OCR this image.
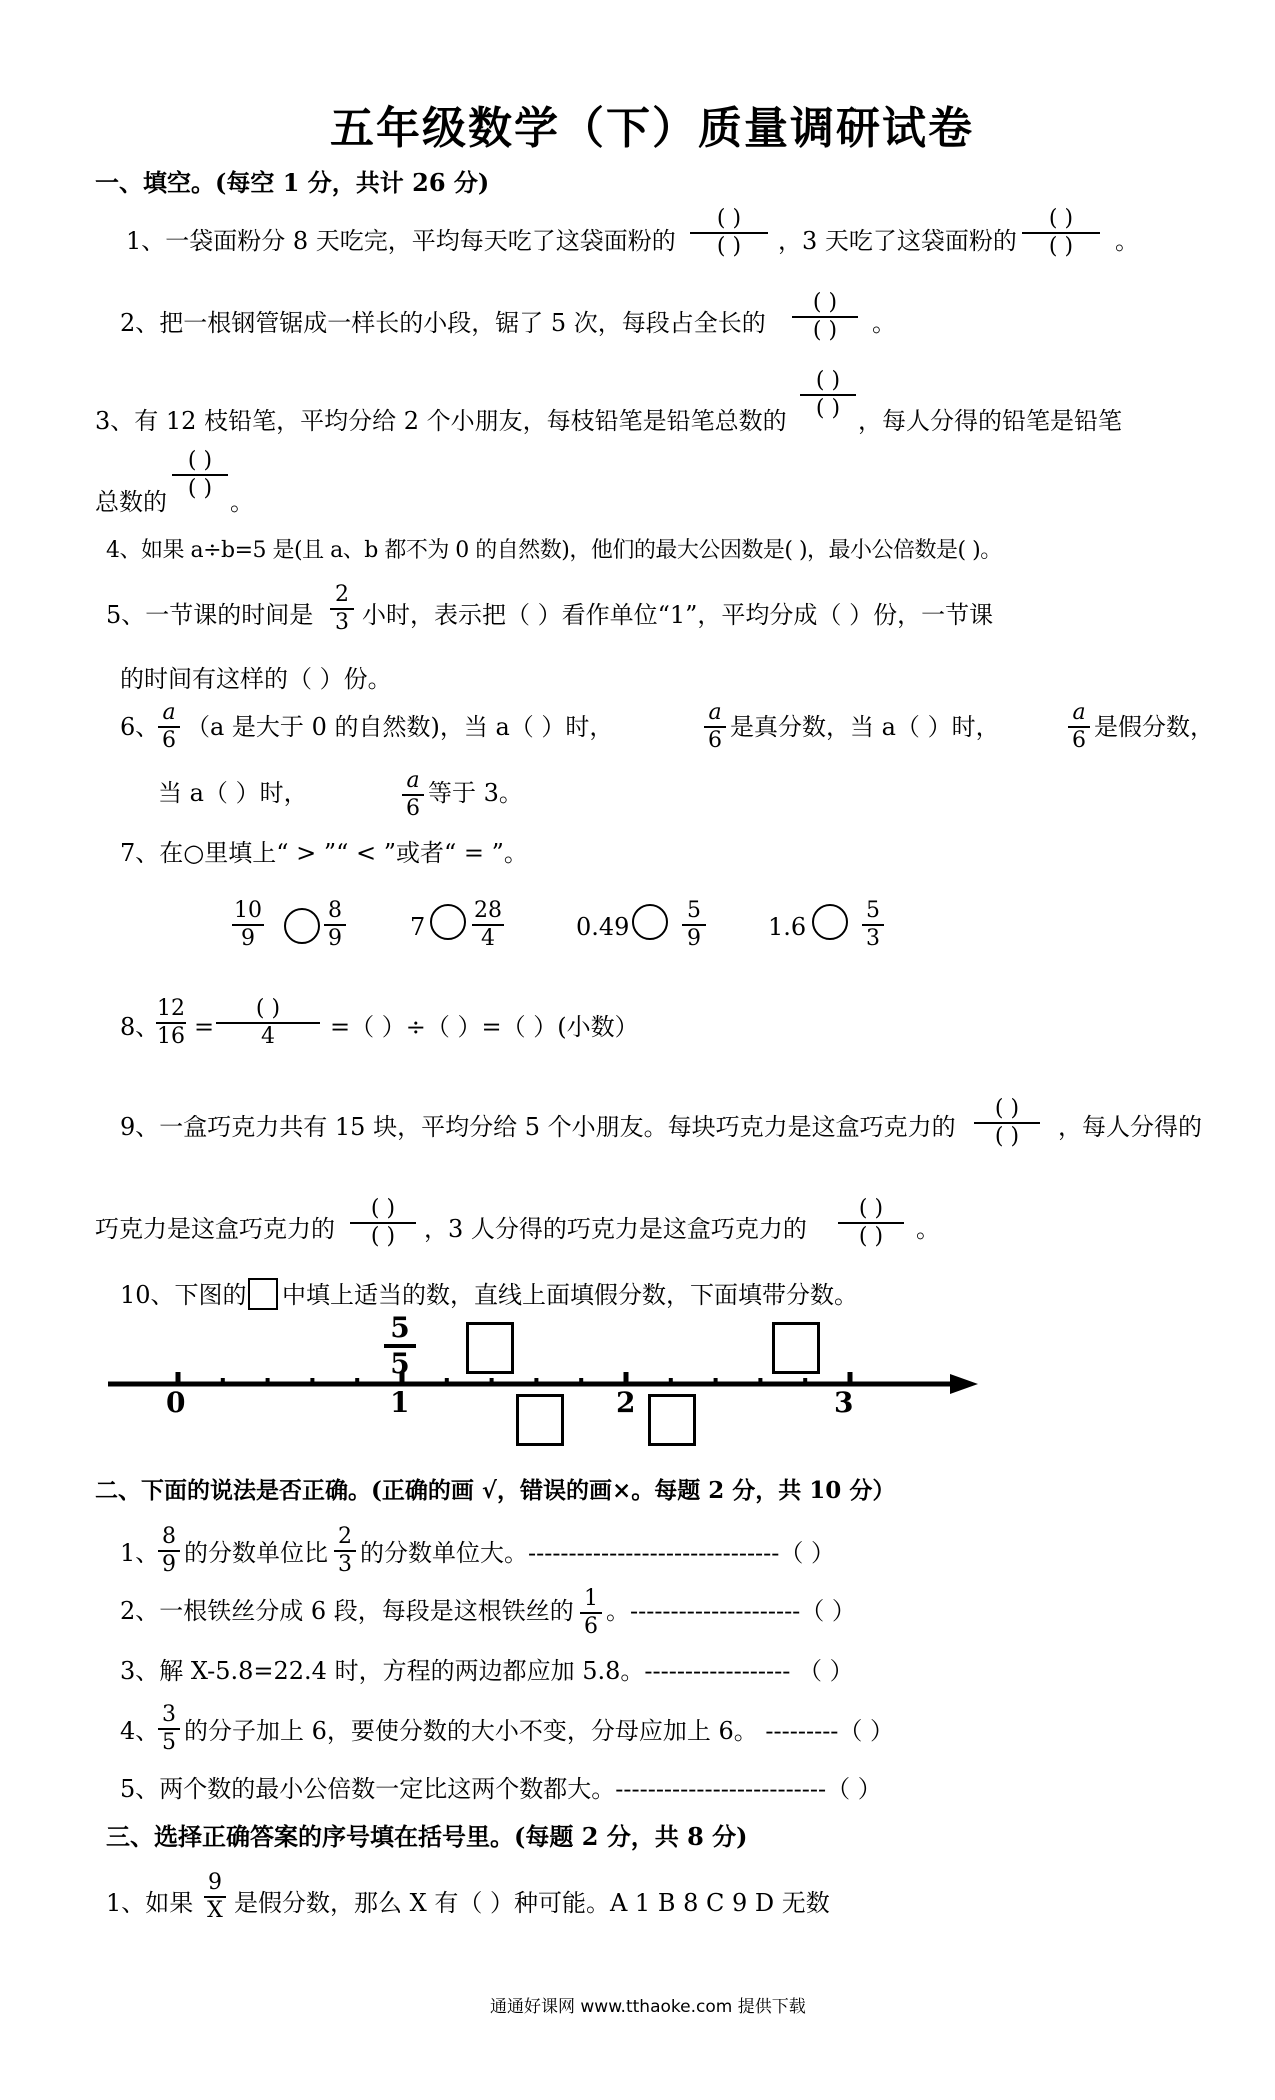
五年级数学（下）质量调研试卷
一、填空。(每空 1 分，共计 26 分)
1、一袋面粉分 8 天吃完，平均每天吃了这袋面粉的
( )
( )	，3 天吃了这袋面粉的
( )
( )	。
2、把一根钢管锯成一样长的小段，锯了 5 次，每段占全长的
( )
( )	。
3、有 12 枝铅笔，平均分给 2 个小朋友，每枝铅笔是铅笔总数的
( )
( ) ，每人分得的铅笔是铅笔
总数的
( )
( ) 。
4、如果 a÷b=5 是(且 a、b 都不为 0 的自然数)，他们的最大公因数是( )，最小公倍数是( )。
5、一节课的时间是
2
3 小时，表示把（ ）看作单位“1”，平均分成（ ）份，一节课
的时间有这样的（ ）份。
6、
a
6 （a 是大于 0 的自然数)，当 a（ ）时，
a
6 是真分数，当 a（ ）时，
a
6 是假分数，
当 a（ ）时，	a
6
等于 3。
7、在○里填上“ > ”“ < ”或者“ = ”。
10
9
8
9	7
28
4	0.49
5
9	1.6
5
3
8、
12
16 =
( )
4	=（ ）÷（ ）=（ ）(小数）
9、一盒巧克力共有 15 块，平均分给 5 个小朋友。每块巧克力是这盒巧克力的
( )
( )	，每人分得的
巧克力是这盒巧克力的
( )
( )	，3 人分得的巧克力是这盒巧克力的
( )
( )	。
10、下图的 中填上适当的数，直线上面填假分数，下面填带分数。
5
5
0	1	2	3
二、下面的说法是否正确。(正确的画 √，错误的画×。每题 2 分，共 10 分）
1、
8
9 的分数单位比
2
3 的分数单位大。-------------------------------（ ）
2、一根铁丝分成 6 段，每段是这根铁丝的 1
6
。---------------------（ ）
3、解 X-5.8=22.4 时，方程的两边都应加 5.8。------------------ （ ）
4、
3
5 的分子加上 6，要使分数的大小不变，分母应加上 6。 ---------（ ）
5、两个数的最小公倍数一定比这两个数都大。--------------------------（ ）
三、选择正确答案的序号填在括号里。(每题 2 分，共 8 分)
1、如果
9
X 是假分数，那么 X 有（ ）种可能。A 1 B 8 C 9 D 无数
通通好课网 www.tthaoke.com 提供下载
